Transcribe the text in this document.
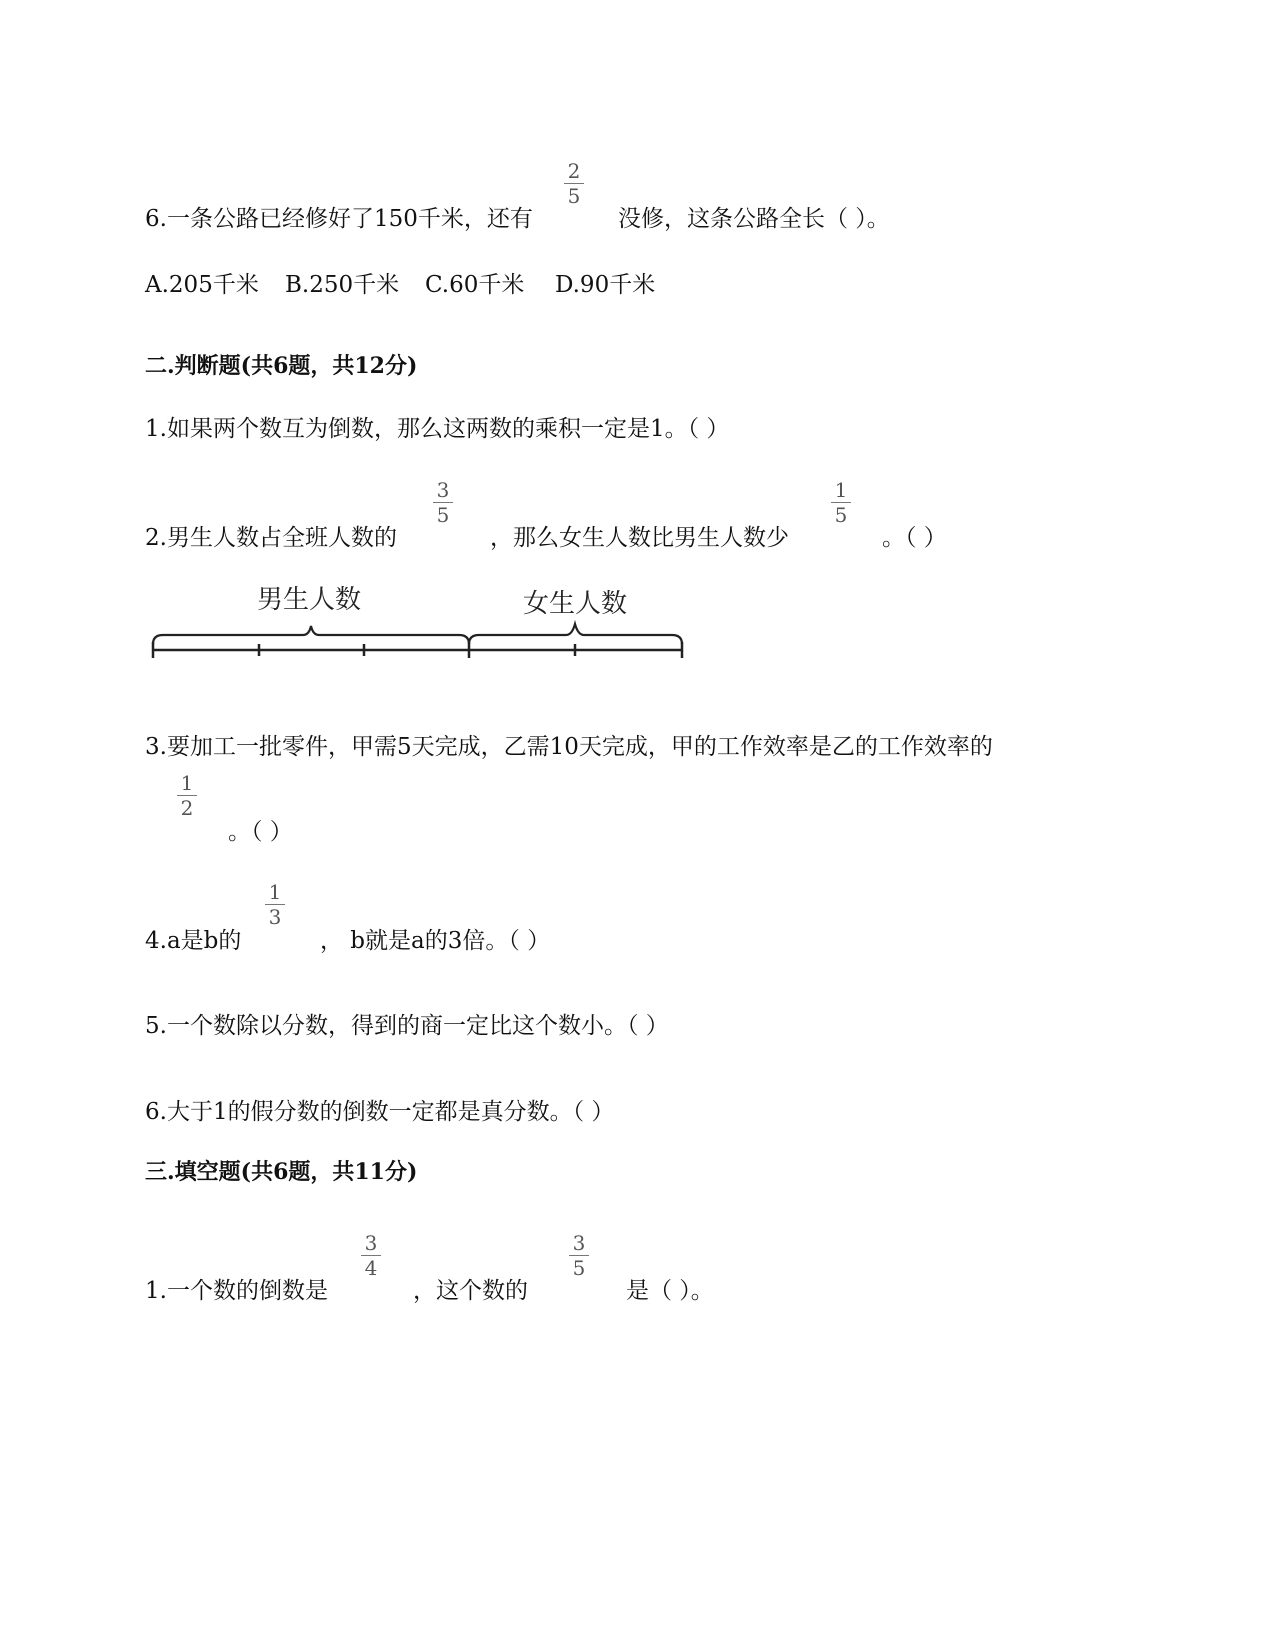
2
5
6.一条公路已经修好了150千米，还有	没修，这条公路全长（ ）。
A.205千米 B.250千米 C.60千米 D.90千米
二.判断题(共6题，共12分)
1.如果两个数互为倒数，那么这两数的乘积一定是1。（ ）
3
5
1
5
2.男生人数占全班人数的	，那么女生人数比男生人数少	。（ ）
男生人数	女生人数
3.要加工一批零件，甲需5天完成，乙需10天完成，甲的工作效率是乙的工作效率的
1
2
。（ ）
1
3
4.a是b的	， b就是a的3倍。（ ）
5.一个数除以分数，得到的商一定比这个数小。（ ）
6.大于1的假分数的倒数一定都是真分数。（ ）
三.填空题(共6题，共11分)
3
4
3
5
1.一个数的倒数是	，这个数的	是（ ）。
